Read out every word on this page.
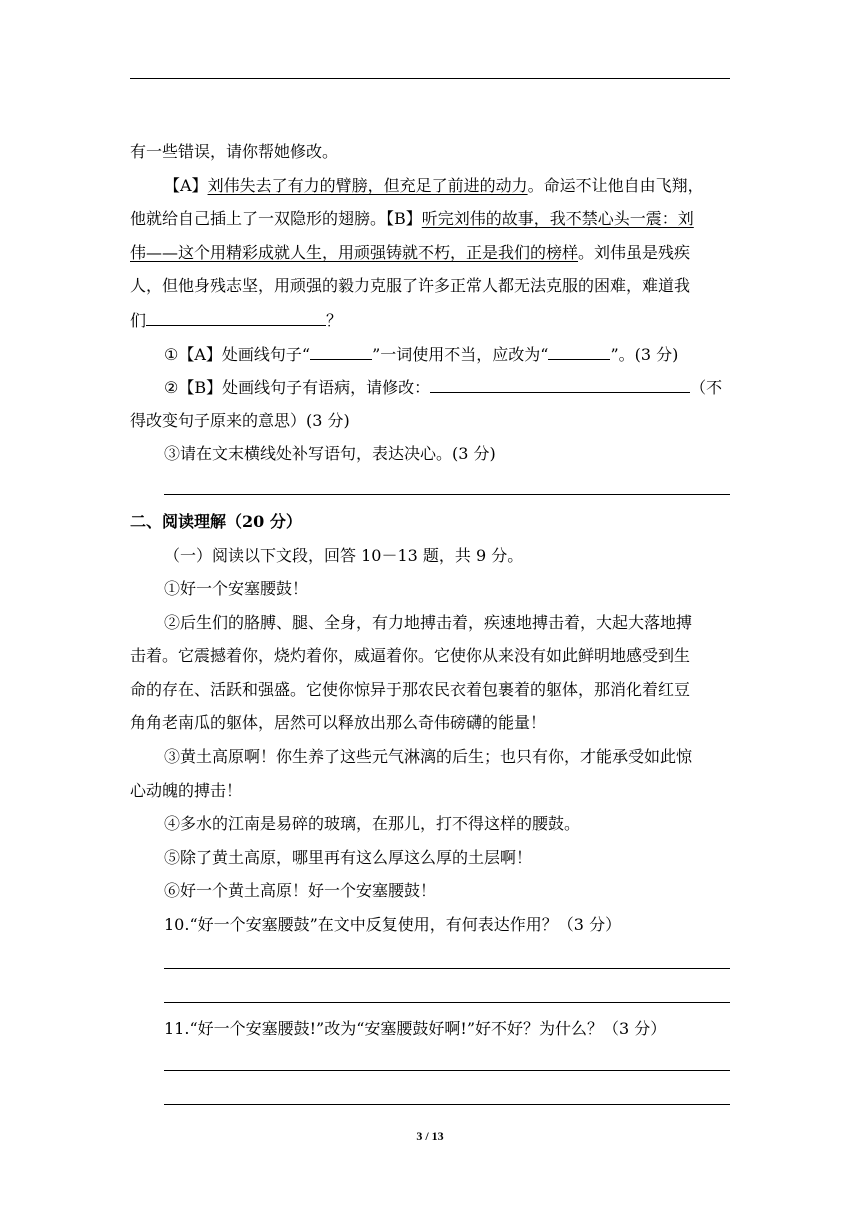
有一些错误，请你帮她修改。
【A】刘伟失去了有力的臂膀，但充足了前进的动力。命运不让他自由飞翔，
他就给自己插上了一双隐形的翅膀。【B】听完刘伟的故事，我不禁心头一震：刘
伟——这个用精彩成就人生，用顽强铸就不朽，正是我们的榜样。刘伟虽是残疾
人，但他身残志坚，用顽强的毅力克服了许多正常人都无法克服的困难，难道我
们	？
①【A】处画线句子“	”一词使用不当，应改为“	”。(3 分)
②【B】处画线句子有语病，请修改：	（不
得改变句子原来的意思）(3 分)
③请在文末横线处补写语句，表达决心。(3 分)
二、阅读理解（20 分）
（一）阅读以下文段，回答 10－13 题，共 9 分。
①好一个安塞腰鼓！
②后生们的胳膊、腿、全身，有力地搏击着，疾速地搏击着，大起大落地搏
击着。它震撼着你，烧灼着你，威逼着你。它使你从来没有如此鲜明地感受到生
命的存在、活跃和强盛。它使你惊异于那农民衣着包裹着的躯体，那消化着红豆
角角老南瓜的躯体，居然可以释放出那么奇伟磅礴的能量！
③黄土高原啊！你生养了这些元气淋漓的后生；也只有你，才能承受如此惊
心动魄的搏击！
④多水的江南是易碎的玻璃，在那儿，打不得这样的腰鼓。
⑤除了黄土高原，哪里再有这么厚这么厚的土层啊！
⑥好一个黄土高原！好一个安塞腰鼓！
10.“好一个安塞腰鼓”在文中反复使用，有何表达作用？（3 分）
11.“好一个安塞腰鼓!”改为“安塞腰鼓好啊!”好不好？为什么？（3 分）
3 / 13
